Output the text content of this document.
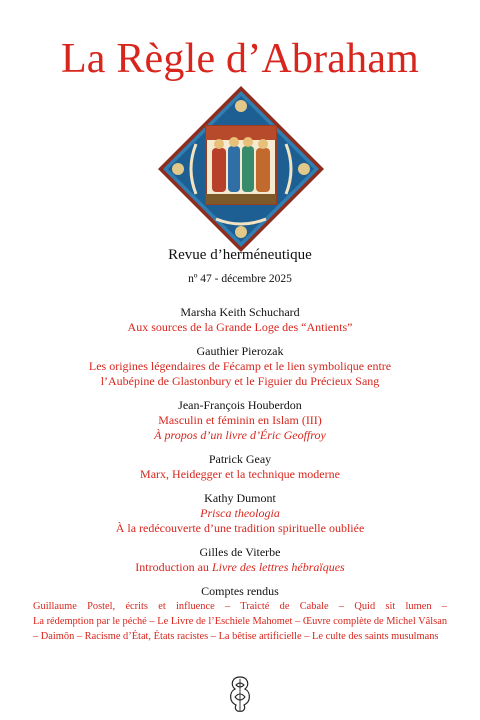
La Règle d’Abraham
Revue d’herméneutique
nº 47 - décembre 2025
Marsha Keith Schuchard
Aux sources de la Grande Loge des “Antients”
Gauthier Pierozak
Les origines légendaires de Fécamp et le lien symbolique entre
l’Aubépine de Glastonbury et le Figuier du Précieux Sang
Jean-François Houberdon
Masculin et féminin en Islam (III)
À propos d’un livre d’Éric Geoffroy
Patrick Geay
Marx, Heidegger et la technique moderne
Kathy Dumont
Prisca theologia
À la redécouverte d’une tradition spirituelle oubliée
Gilles de Viterbe
Introduction au Livre des lettres hébraïques
Comptes rendus
Guillaume Postel, écrits et influence – Traicté de Cabale – Quid sit lumen – La rédemption par le péché – Le Livre de l’Eschiele Mahomet – Œuvre complète de Michel Vâlsan – Daimôn – Racisme d’État, États racistes – La bêtise artificielle – Le culte des saints musulmans
